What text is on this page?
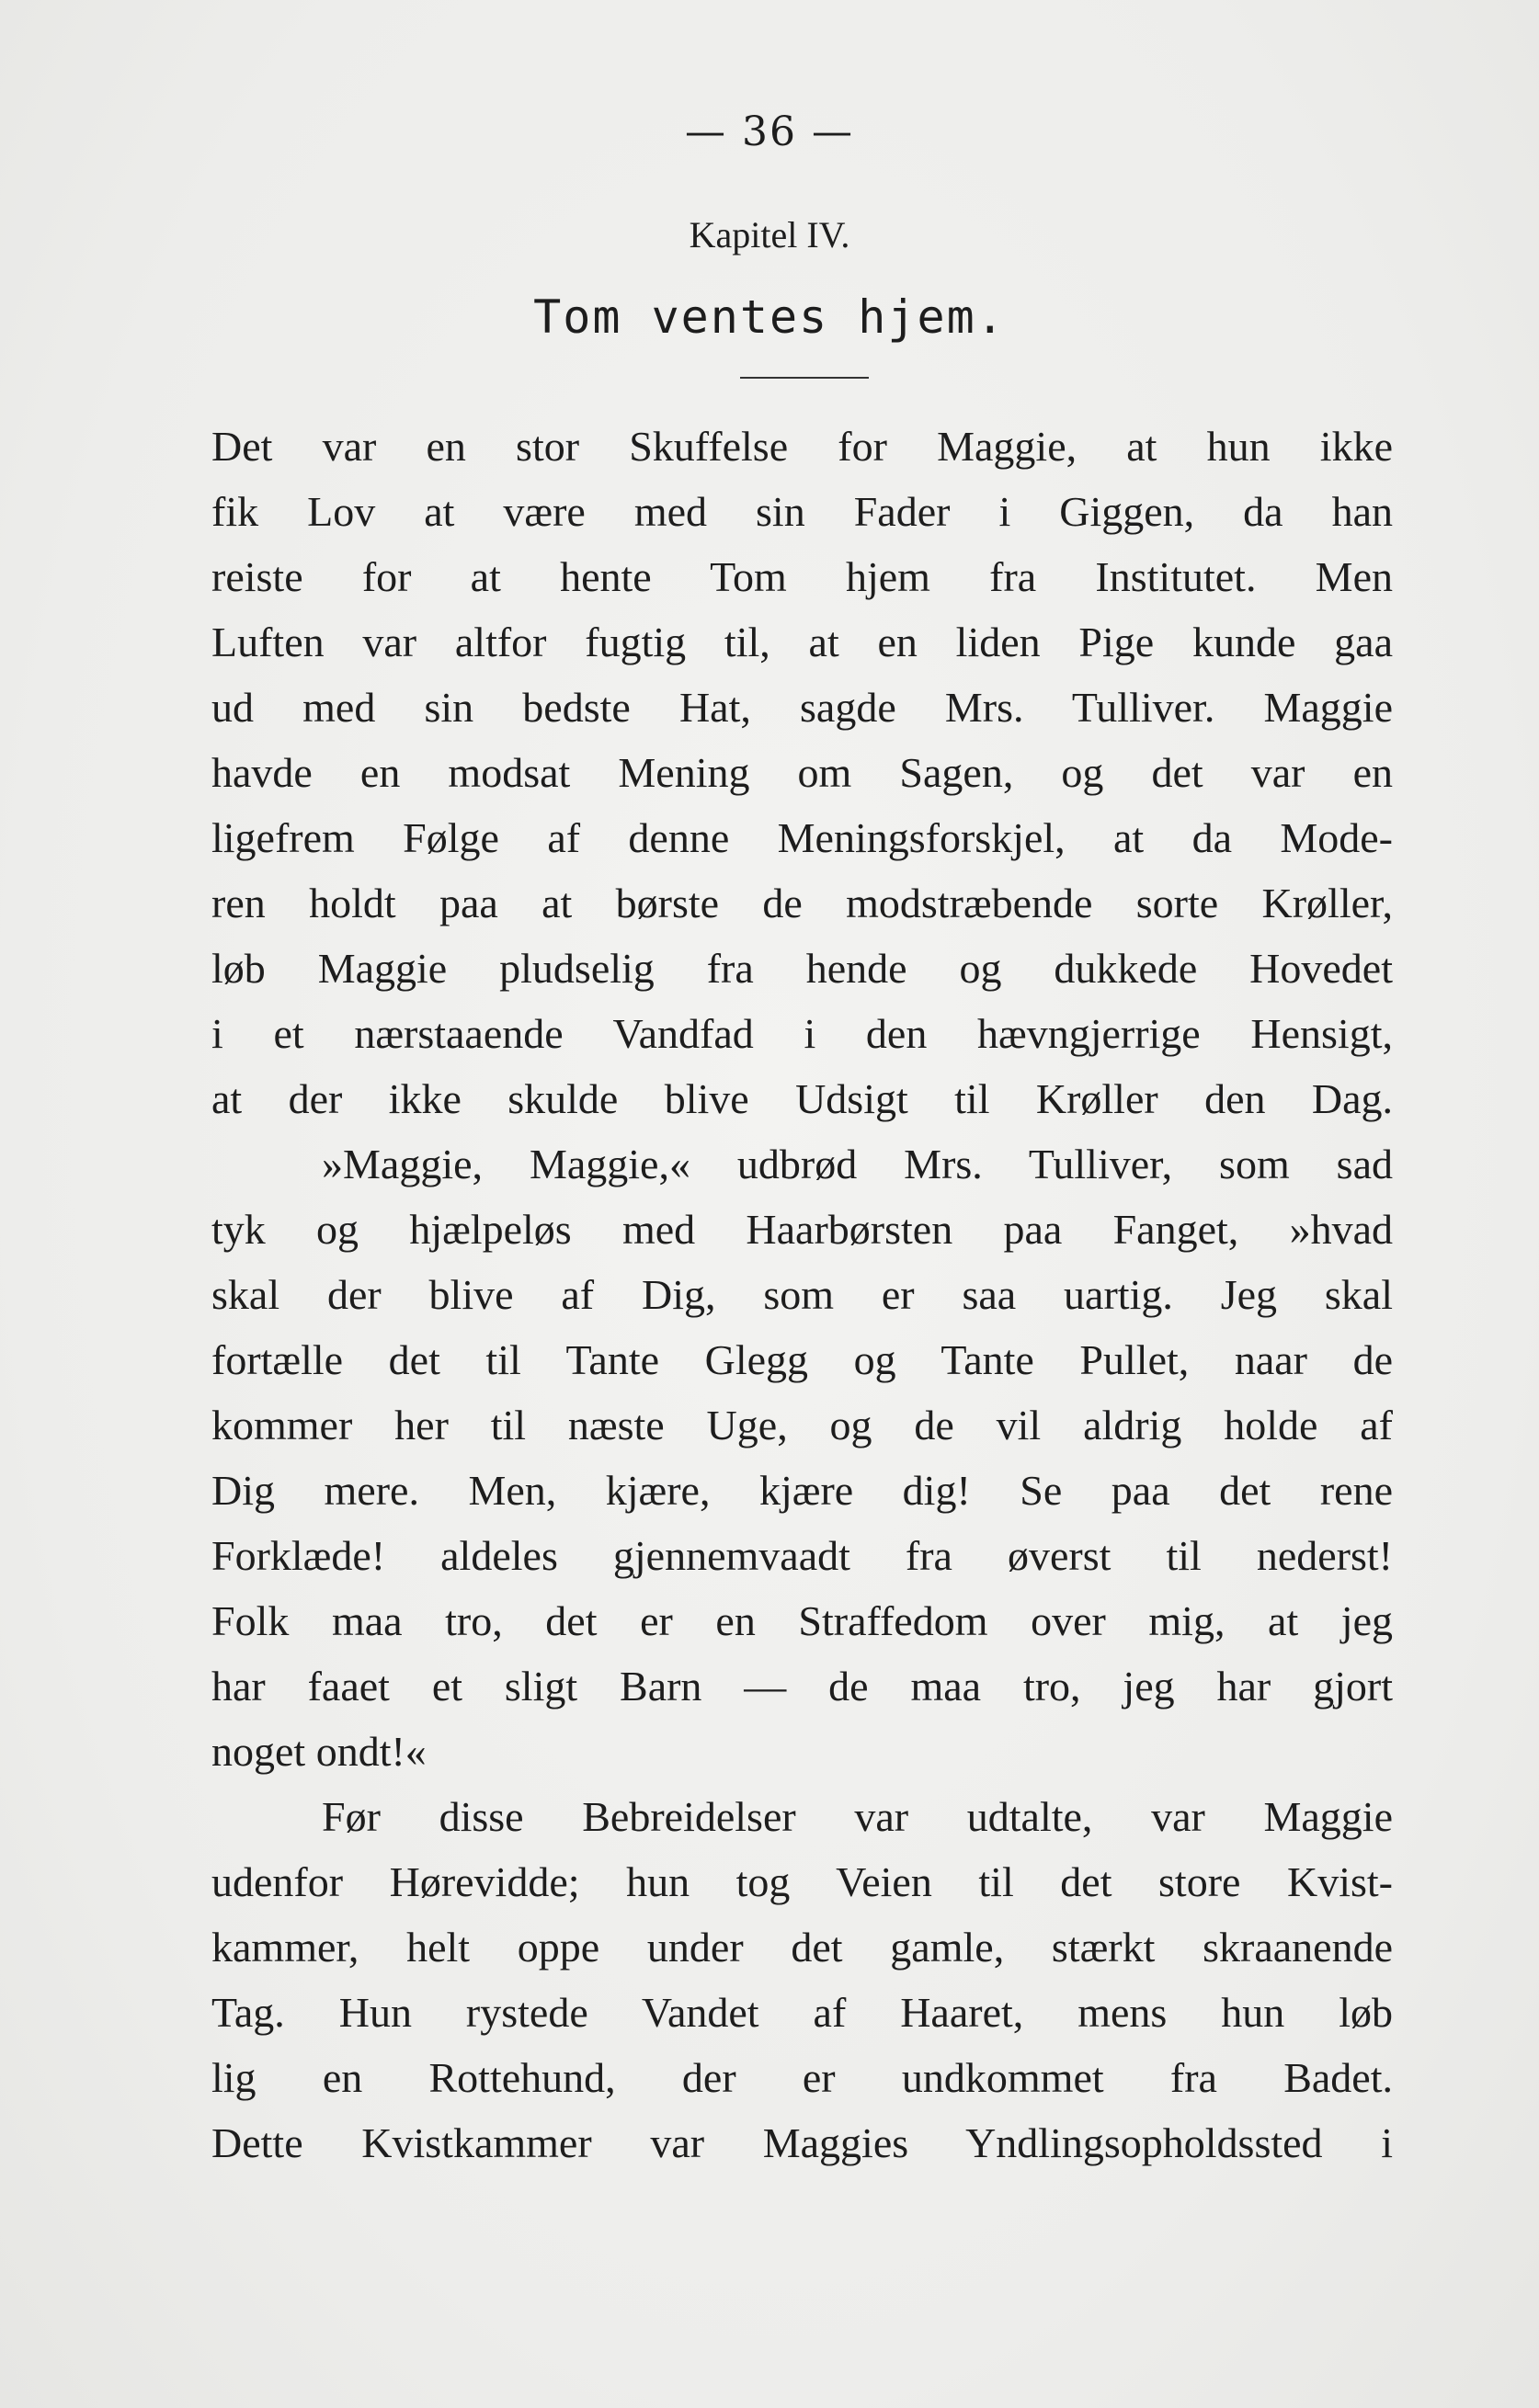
— 36 —
Kapitel IV.
Tom ventes hjem.
Det var en stor Skuffelse for Maggie, at hun ikke
fik Lov at være med sin Fader i Giggen, da han
reiste for at hente Tom hjem fra Institutet. Men
Luften var altfor fugtig til, at en liden Pige kunde gaa
ud med sin bedste Hat, sagde Mrs. Tulliver. Maggie
havde en modsat Mening om Sagen, og det var en
ligefrem Følge af denne Meningsforskjel, at da Mode-
ren holdt paa at børste de modstræbende sorte Krøller,
løb Maggie pludselig fra hende og dukkede Hovedet
i et nærstaaende Vandfad i den hævngjerrige Hensigt,
at der ikke skulde blive Udsigt til Krøller den Dag.
»Maggie, Maggie,« udbrød Mrs. Tulliver, som sad
tyk og hjælpeløs med Haarbørsten paa Fanget, »hvad
skal der blive af Dig, som er saa uartig. Jeg skal
fortælle det til Tante Glegg og Tante Pullet, naar de
kommer her til næste Uge, og de vil aldrig holde af
Dig mere. Men, kjære, kjære dig! Se paa det rene
Forklæde! aldeles gjennemvaadt fra øverst til nederst!
Folk maa tro, det er en Straffedom over mig, at jeg
har faaet et sligt Barn — de maa tro, jeg har gjort
noget ondt!«
Før disse Bebreidelser var udtalte, var Maggie
udenfor Hørevidde; hun tog Veien til det store Kvist-
kammer, helt oppe under det gamle, stærkt skraanende
Tag. Hun rystede Vandet af Haaret, mens hun løb
lig en Rottehund, der er undkommet fra Badet.
Dette Kvistkammer var Maggies Yndlingsopholdssted i
